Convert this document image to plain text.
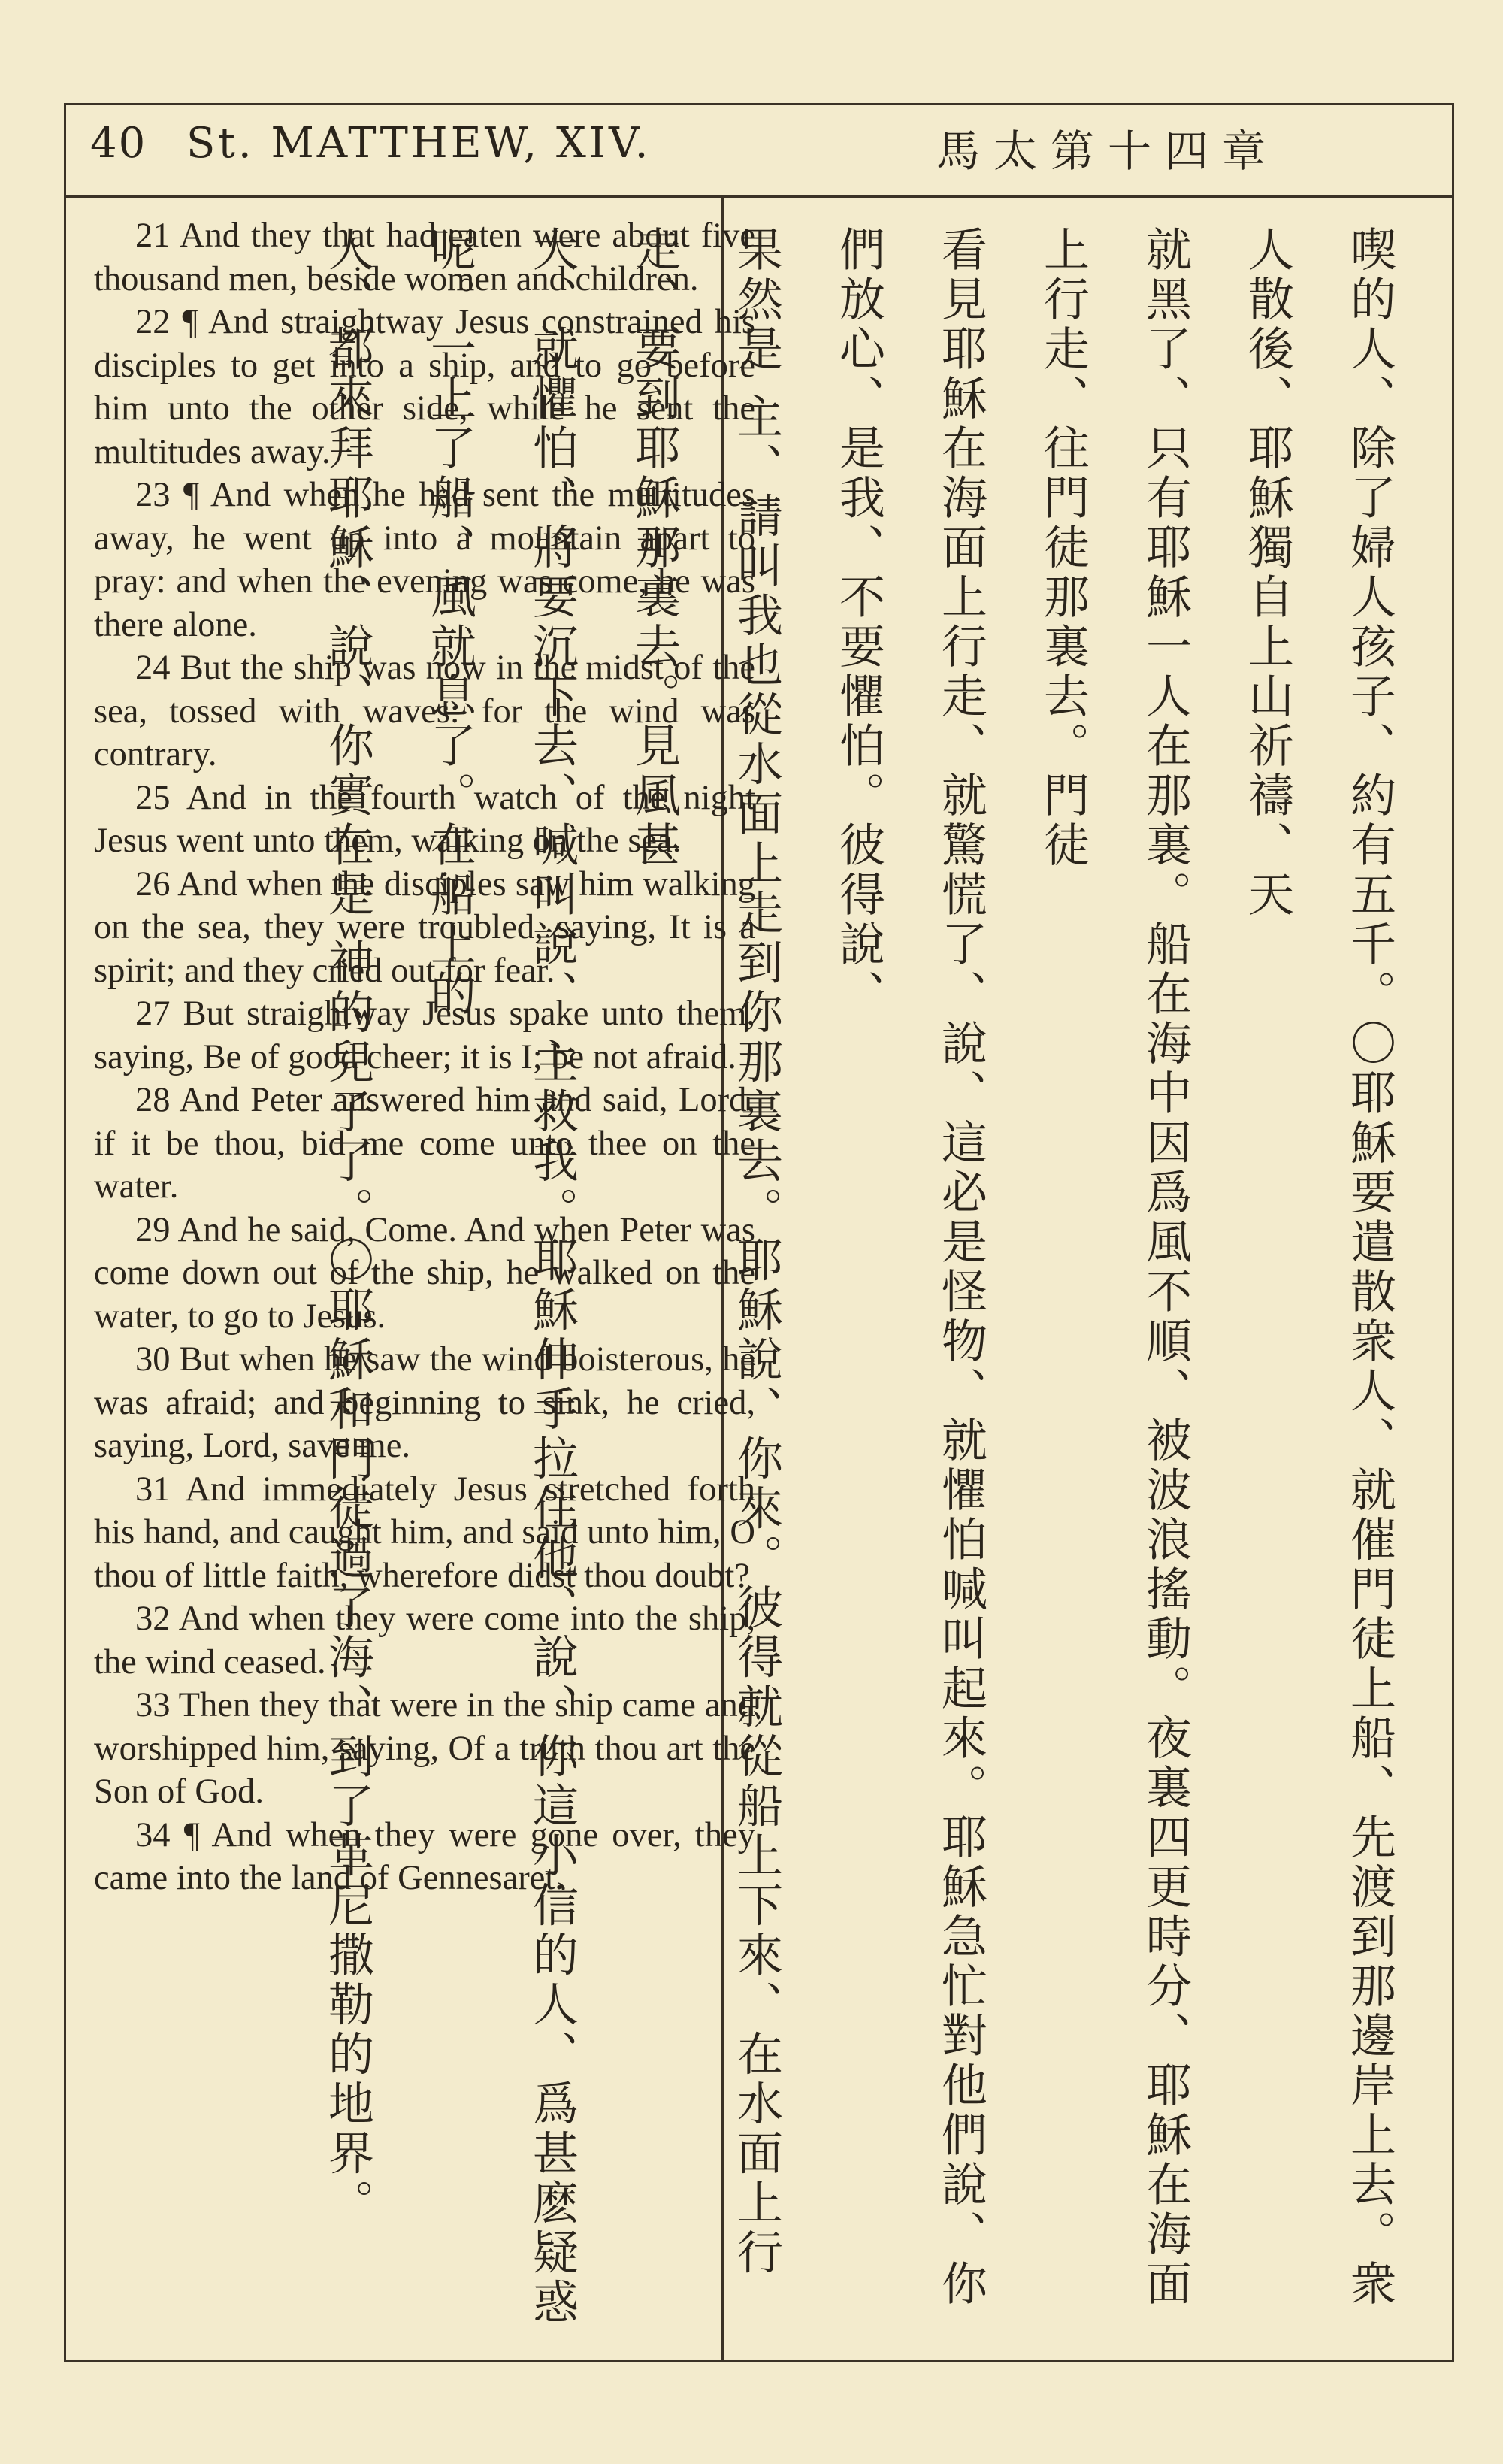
40 St. MATTHEW, XIV.	馬太第十四章

21 And they that had eaten were about five thousand men, beside women and children.

22 ¶ And straightway Jesus constrained his disciples to get into a ship, and to go before him unto the other side, while he sent the multitudes away.

23 ¶ And when he had sent the multitudes away, he went up into a mountain apart to pray: and when the evening was come, he was there alone.

24 But the ship was now in the midst of the sea, tossed with waves: for the wind was contrary.

25 And in the fourth watch of the night Jesus went unto them, walking on the sea.

26 And when the disciples saw him walking on the sea, they were troubled, saying, It is a spirit; and they cried out for fear.

27 But straightway Jesus spake unto them, saying, Be of good cheer; it is I; be not afraid.

28 And Peter answered him and said, Lord, if it be thou, bid me come unto thee on the water.

29 And he said, Come. And when Peter was come down out of the ship, he walked on the water, to go to Jesus.

30 But when he saw the wind boisterous, he was afraid; and beginning to sink, he cried, saying, Lord, save me.

31 And immediately Jesus stretched forth his hand, and caught him, and said unto him, O thou of little faith, wherefore didst thou doubt?

32 And when they were come into the ship, the wind ceased.

33 Then they that were in the ship came and worshipped him, saying, Of a truth thou art the Son of God.

34 ¶ And when they were gone over, they came into the land of Gennesaret.	喫的人、除了婦人孩子、約有五千。〇耶穌要遣散衆人、就催門徒上船、先渡到那邊岸上去。衆人散後、耶穌獨自上山祈禱、天

就黑了、只有耶穌一人在那裏。船在海中因爲風不順、被波浪搖動。夜裏四更時分、耶穌在海面上行走、往門徒那裏去。門徒

看見耶穌在海面上行走、就驚慌了、說、這必是怪物、就懼怕喊叫起來。耶穌急忙對他們說、你們放心、是我、不要懼怕。彼得說、

果然是 主、請叫我也從水面上走到你那裏去。耶穌說、你來。彼得就從船上下來、在水面上行走、要到耶穌那裏去。見風甚

大、就懼怕、將要沉下去、喊叫說、 主救我。耶穌伸手拉住他、說、你這小信的人、爲甚麽疑惑呢。一上了船、風就息了。在船上的

人、都來拜耶穌、說、你實在是 神的兒子了。〇耶穌和門徒過了海、到了革尼撒勒的地界。
